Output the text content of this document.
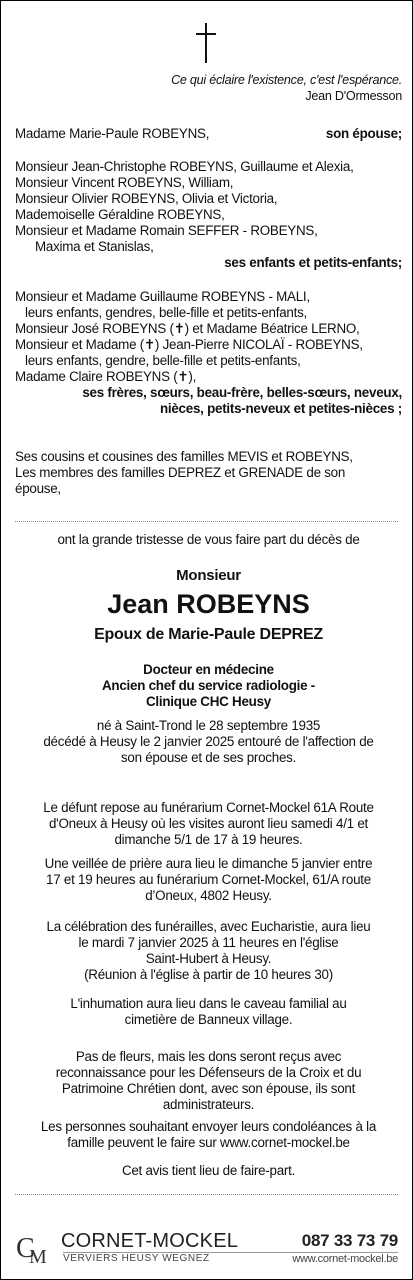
Ce qui éclaire l'existence, c'est l'espérance.
Jean D'Ormesson
Madame Marie-Paule ROBEYNS,	son épouse;
Monsieur Jean-Christophe ROBEYNS, Guillaume et Alexia,
Monsieur Vincent ROBEYNS, William,
Monsieur Olivier ROBEYNS, Olivia et Victoria,
Mademoiselle Géraldine ROBEYNS,
Monsieur et Madame Romain SEFFER - ROBEYNS,
Maxima et Stanislas,
ses enfants et petits-enfants;
Monsieur et Madame Guillaume ROBEYNS - MALI,
leurs enfants, gendres, belle-fille et petits-enfants,
Monsieur José ROBEYNS (✝) et Madame Béatrice LERNO,
Monsieur et Madame (✝) Jean-Pierre NICOLAÏ - ROBEYNS,
leurs enfants, gendre, belle-fille et petits-enfants,
Madame Claire ROBEYNS (✝),
ses frères, sœurs, beau-frère, belles-sœurs, neveux,
nièces, petits-neveux et petites-nièces ;
Ses cousins et cousines des familles MEVIS et ROBEYNS,
Les membres des familles DEPREZ et GRENADE de son
épouse,
ont la grande tristesse de vous faire part du décès de
Monsieur
Jean ROBEYNS
Epoux de Marie-Paule DEPREZ
Docteur en médecine
Ancien chef du service radiologie -
Clinique CHC Heusy
né à Saint-Trond le 28 septembre 1935
décédé à Heusy le 2 janvier 2025 entouré de l'affection de
son épouse et de ses proches.
Le défunt repose au funérarium Cornet-Mockel 61A Route
d'Oneux à Heusy où les visites auront lieu samedi 4/1 et
dimanche 5/1 de 17 à 19 heures.
Une veillée de prière aura lieu le dimanche 5 janvier entre
17 et 19 heures au funérarium Cornet-Mockel, 61/A route
d’Oneux, 4802 Heusy.
La célébration des funérailles, avec Eucharistie, aura lieu
le mardi 7 janvier 2025 à 11 heures en l'église
Saint-Hubert à Heusy.
(Réunion à l'église à partir de 10 heures 30)
L'inhumation aura lieu dans le caveau familial au
cimetière de Banneux village.
Pas de fleurs, mais les dons seront reçus avec
reconnaissance pour les Défenseurs de la Croix et du
Patrimoine Chrétien dont, avec son épouse, ils sont
administrateurs.
Les personnes souhaitant envoyer leurs condoléances à la
famille peuvent le faire sur www.cornet-mockel.be
Cet avis tient lieu de faire-part.
C
M
CORNET-MOCKEL
VERVIERS HEUSY WEGNEZ
087 33 73 79
www.cornet-mockel.be
